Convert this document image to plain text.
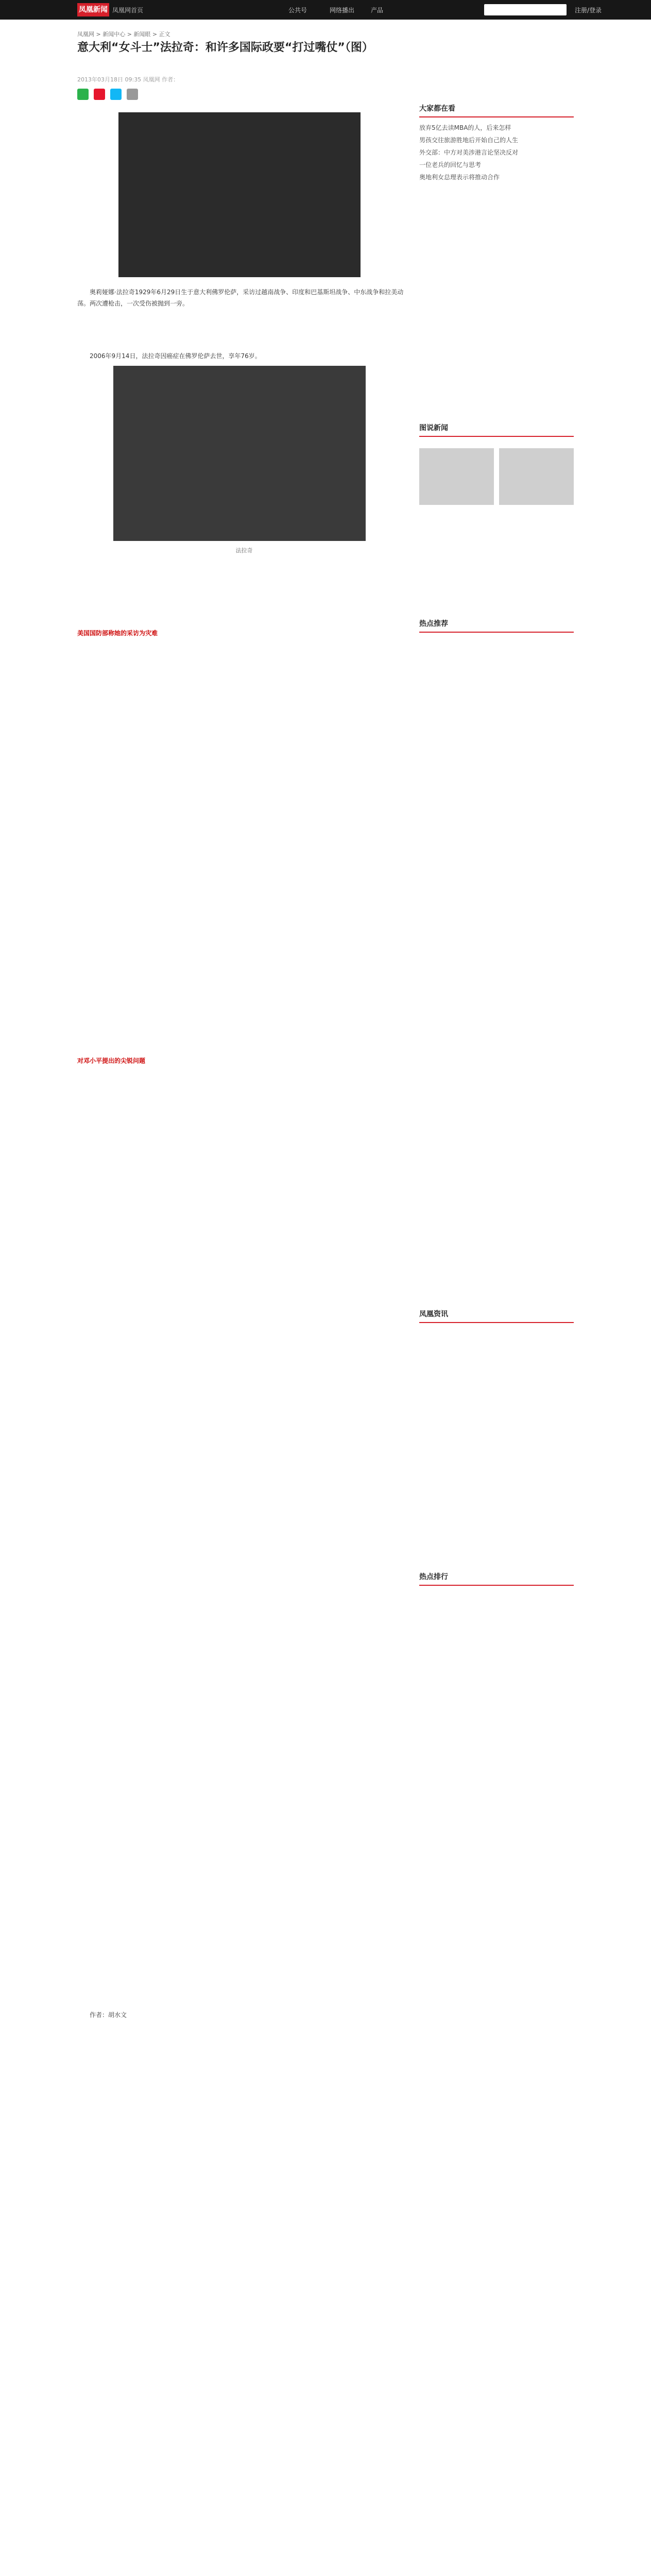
凤凰新闻 凤凰网首页	公共号	网络播出	产品	注册/登录
凤凰网 > 新闻中心 > 新闻眼 > 正文
意大利“女斗士”法拉奇：和许多国际政要“打过嘴仗”（图）
2013年03月18日 09:35 凤凰网 作者：

奥莉娅娜·法拉奇1929年6月29日生于意大利佛罗伦萨，采访过越南战争、印度和巴基斯坦战争、中东战争和拉美动荡。两次遭枪击，一次受伤被抛到一旁。
2006年9月14日，法拉奇因癌症在佛罗伦萨去世，享年76岁。
法拉奇
美国国防部称她的采访为灾难
对邓小平提出的尖锐问题
作者：胡水文
大家都在看
放弃5亿去读MBA的人，后来怎样
男孩交往旅游胜地后开始自己的人生
外交部：中方对美涉港言论坚决反对
一位老兵的回忆与思考
奥地利女总理表示将推动合作
图说新闻
热点推荐
凤凰资讯
热点排行
